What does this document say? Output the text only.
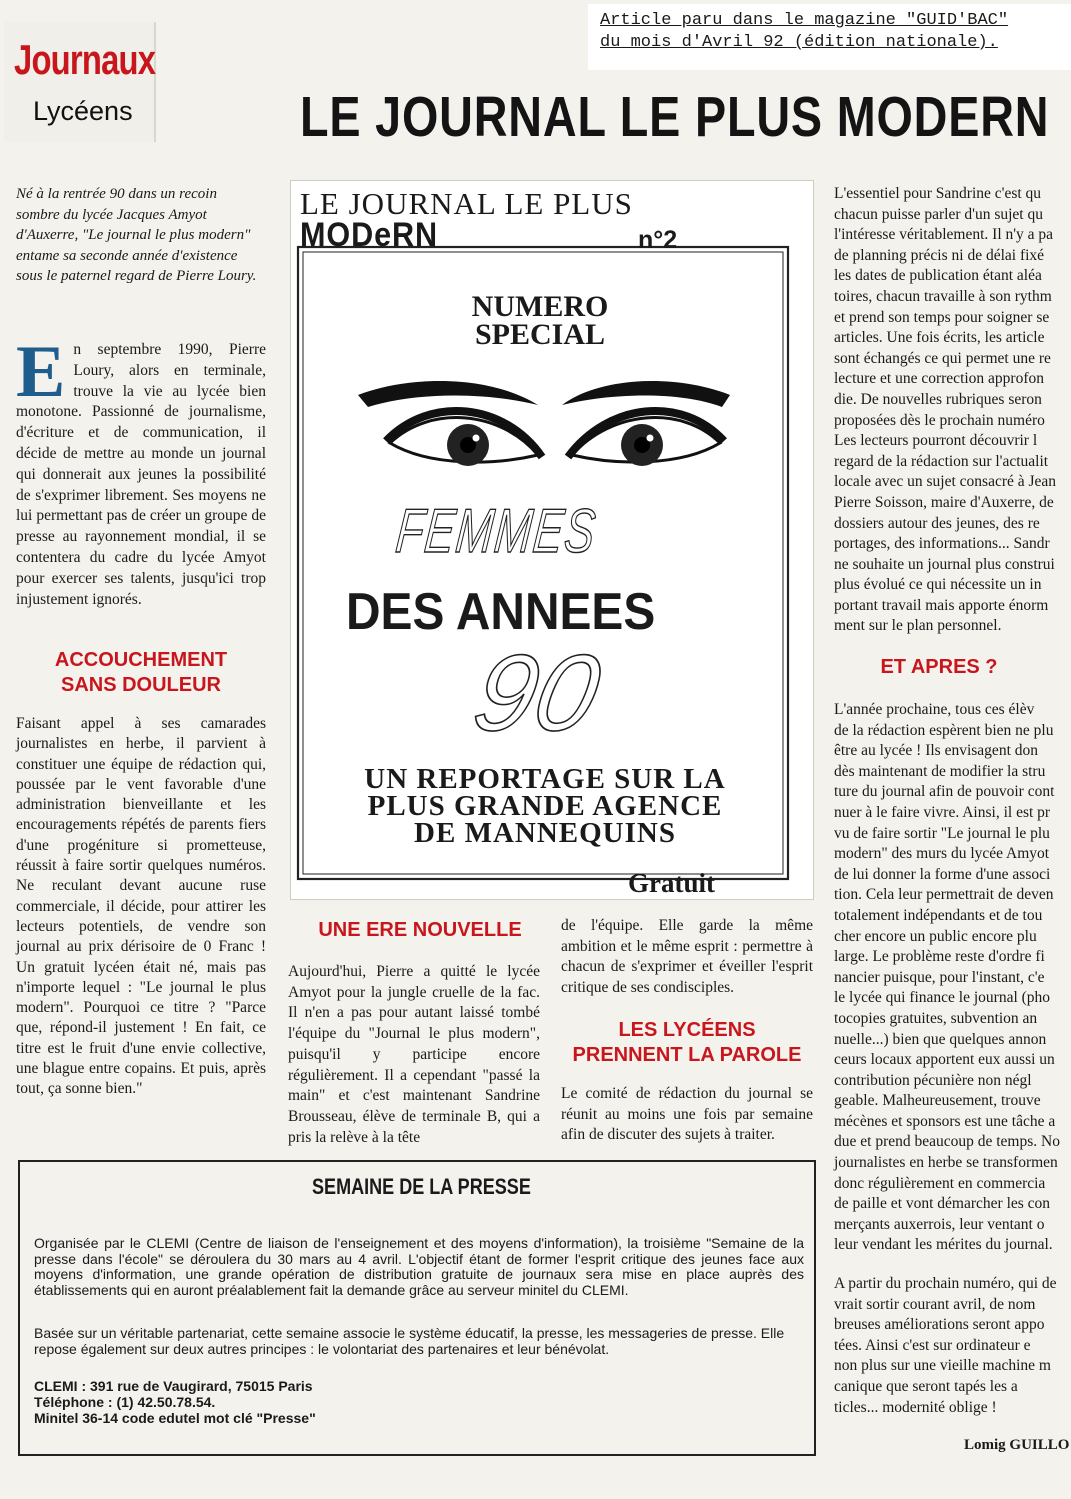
Article paru dans le magazine "GUID'BAC"
du mois d'Avril 92 (édition nationale).
Journaux
Lycéens	LE JOURNAL LE PLUS MODERN
Né à la rentrée 90 dans un recoin sombre du lycée Jacques Amyot d'Auxerre, "Le journal le plus modern" entame sa seconde année d'existence sous le paternel regard de Pierre Loury.
En septembre 1990, Pierre Loury, alors en terminale, trouve la vie au lycée bien monotone. Passionné de journalisme, d'écriture et de communication, il décide de mettre au monde un journal qui donnerait aux jeunes la possibilité de s'exprimer librement. Ses moyens ne lui permettant pas de créer un groupe de presse au rayonnement mondial, il se contentera du cadre du lycée Amyot pour exercer ses talents, jusqu'ici trop injustement ignorés.
ACCOUCHEMENT
SANS DOULEUR
Faisant appel à ses camarades journalistes en herbe, il parvient à constituer une équipe de rédaction qui, poussée par le vent favorable d'une administration bienveillante et les encouragements répétés de parents fiers d'une progéniture si prometteuse, réussit à faire sortir quelques numéros. Ne reculant devant aucune ruse commerciale, il décide, pour attirer les lecteurs potentiels, de vendre son journal au prix dérisoire de 0 Franc ! Un gratuit lycéen était né, mais pas n'importe lequel : "Le journal le plus modern". Pourquoi ce titre ? "Parce que, répond-il justement ! En fait, ce titre est le fruit d'une envie collective, une blague entre copains. Et puis, après tout, ça sonne bien."
LE JOURNAL LE PLUS
MODeRN	n°2
NUMERO
SPECIAL
FEMMES
DES ANNEES
90
UN REPORTAGE SUR LA
PLUS GRANDE AGENCE
DE MANNEQUINS
Gratuit
UNE ERE NOUVELLE
Aujourd'hui, Pierre a quitté le lycée Amyot pour la jungle cruelle de la fac. Il n'en a pas pour autant laissé tombé l'équipe du "Journal le plus modern", puisqu'il y participe encore régulièrement. Il a cependant "passé la main" et c'est maintenant Sandrine Brousseau, élève de terminale B, qui a pris la relève à la tête
de l'équipe. Elle garde la même ambition et le même esprit : permettre à chacun de s'exprimer et éveiller l'esprit critique de ses condisciples.
LES LYCÉENS
PRENNENT LA PAROLE
Le comité de rédaction du journal se réunit au moins une fois par semaine afin de discuter des sujets à traiter.
L'essentiel pour Sandrine c'est qu
chacun puisse parler d'un sujet qu
l'intéresse véritablement. Il n'y a pa
de planning précis ni de délai fixé
les dates de publication étant aléa
toires, chacun travaille à son rythm
et prend son temps pour soigner se
articles. Une fois écrits, les article
sont échangés ce qui permet une re
lecture et une correction approfon
die. De nouvelles rubriques seron
proposées dès le prochain numéro
Les lecteurs pourront découvrir l
regard de la rédaction sur l'actualit
locale avec un sujet consacré à Jean
Pierre Soisson, maire d'Auxerre, de
dossiers autour des jeunes, des re
portages, des informations... Sandr
ne souhaite un journal plus construi
plus évolué ce qui nécessite un in
portant travail mais apporte énorm
ment sur le plan personnel.
ET APRES ?
L'année prochaine, tous ces élèv
de la rédaction espèrent bien ne plu
être au lycée ! Ils envisagent don
dès maintenant de modifier la stru
ture du journal afin de pouvoir cont
nuer à le faire vivre. Ainsi, il est pr
vu de faire sortir "Le journal le plu
modern" des murs du lycée Amyot
de lui donner la forme d'une associ
tion. Cela leur permettrait de deven
totalement indépendants et de tou
cher encore un public encore plu
large. Le problème reste d'ordre fi
nancier puisque, pour l'instant, c'e
le lycée qui finance le journal (pho
tocopies gratuites, subvention an
nuelle...) bien que quelques annon
ceurs locaux apportent eux aussi un
contribution pécunière non négl
geable. Malheureusement, trouve
mécènes et sponsors est une tâche a
due et prend beaucoup de temps. No
journalistes en herbe se transformen
donc régulièrement en commercia
de paille et vont démarcher les con
merçants auxerrois, leur ventant o
leur vendant les mérites du journal.
A partir du prochain numéro, qui de
vrait sortir courant avril, de nom
breuses améliorations seront appo
tées. Ainsi c'est sur ordinateur e
non plus sur une vieille machine m
canique que seront tapés les a
ticles... modernité oblige !
Lomig GUILLO
SEMAINE DE LA PRESSE
Organisée par le CLEMI (Centre de liaison de l'enseignement et des moyens d'information), la troisième "Semaine de la presse dans l'école" se déroulera du 30 mars au 4 avril. L'objectif étant de former l'esprit critique des jeunes face aux moyens d'information, une grande opération de distribution gratuite de journaux sera mise en place auprès des établissements qui en auront préalablement fait la demande grâce au serveur minitel du CLEMI.
Basée sur un véritable partenariat, cette semaine associe le système éducatif, la presse, les messageries de presse. Elle repose également sur deux autres principes : le volontariat des partenaires et leur bénévolat.
CLEMI : 391 rue de Vaugirard, 75015 Paris
Téléphone : (1) 42.50.78.54.
Minitel 36-14 code edutel mot clé "Presse"
